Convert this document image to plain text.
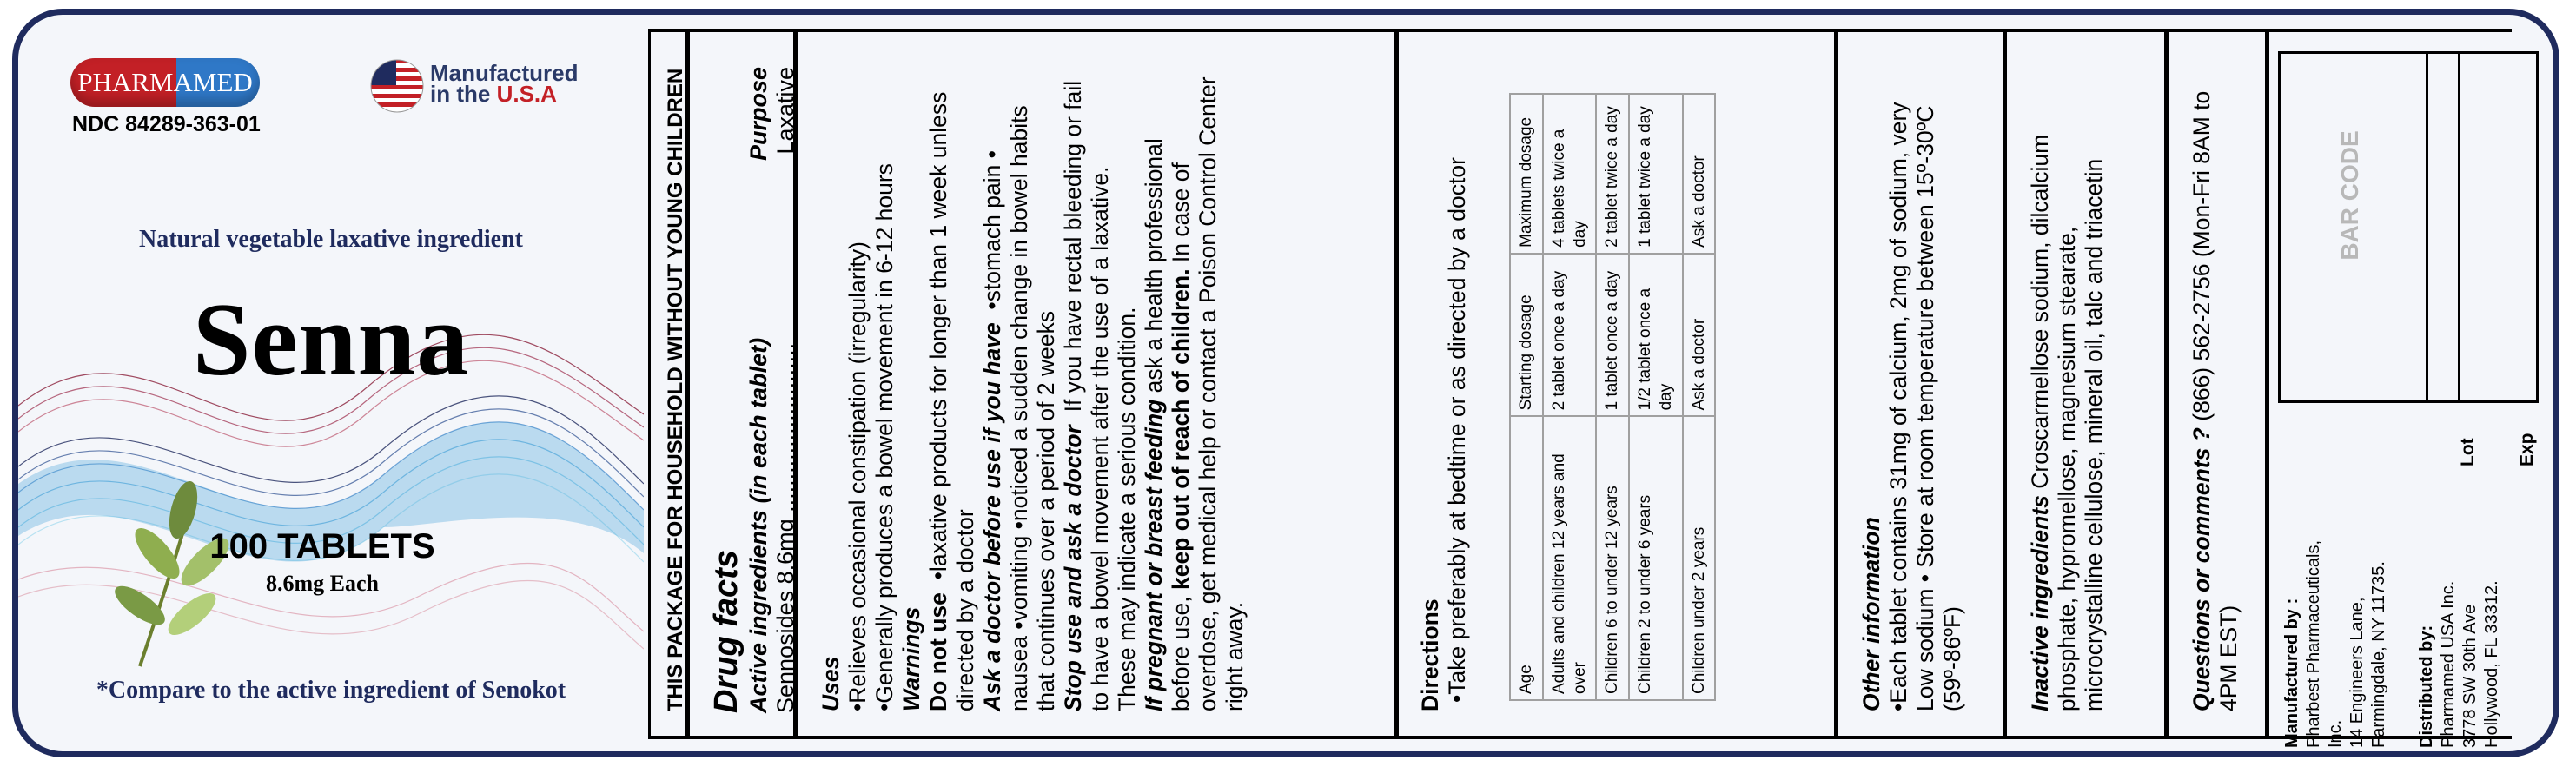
PHARMAMED
NDC 84289-363-01
Manufactured
in the U.S.A
Natural vegetable laxative ingredient
Senna
100 TABLETS
8.6mg Each
*Compare to the active ingredient of Senokot	THIS PACKAGE FOR HOUSEHOLD WITHOUT YOUNG CHILDREN Drug facts Active ingredients (in each tablet)
Purpose
Sennosides 8,6mg ..........................
Laxative

Uses •Relieves occasional constipation (irregularity) •Generally produces a bowel movement in 6-12 hours Warnings Do not use  •laxative products for longer than 1 week unless directed by a doctor Ask a doctor before use if you have  •stomach pain • nausea •vomiting •noticed a sudden change in bowel habits that continues over a period of 2 weeks Stop use and ask a doctor  If you have rectal bleeding or fail to have a bowel movement after the use of a laxative. These may indicate a serious condition. If pregnant or breast feeding ask a health professional before use, keep out of reach of children. In case of overdose, get medical help or contact a Poison Control Center right away.	Directions •Take preferably at bedtime or as directed by a doctor	Age	Starting dosage	Maximum dosage
Adults and children 12 years and over	2 tablet once a day	4 tablets twice a day
Children 6 to under 12 years	1 tablet once a day	2 tablet twice a day
Children 2 to under 6 years	1/2 tablet once a day	1 tablet twice a day
Children under 2 years	Ask a doctor	Ask a doctor
Other information
•Each tablet contains 31mg of calcium, 2mg of sodium, very Low sodium • Store at room temperature between 15º-30ºC (59º-86ºF)	Inactive ingredients Croscarmellose sodium, dilcalcium phosphate, hypromellose, magnesium stearate, microcrystalline cellulose, mineral oil, talc and triacetin	Questions or comments ? (866) 562-2756 (Mon-Fri 8AM to 4PM EST)	Manufactured by : Pharbest Pharmaceuticals, Inc. 14 Engineers Lane, Farmingdale, NY 11735. Distributed by: Pharmamed USA Inc. 3778 SW 30th Ave Hollywood, FL 33312.
BAR CODE
Lot	Exp
